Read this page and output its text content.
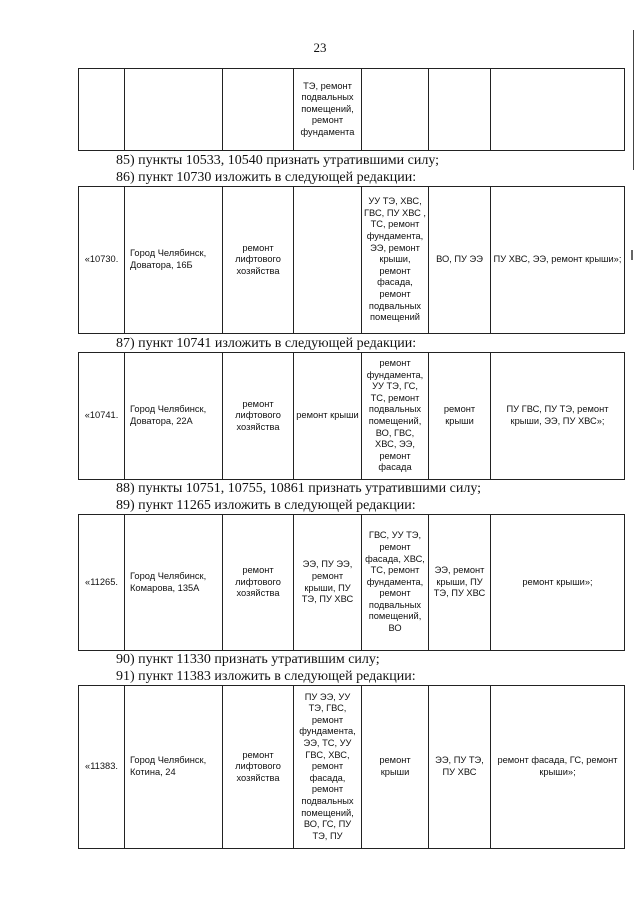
23
			ТЭ, ремонт подвальных помещений, ремонт фундамента			
85) пункты 10533, 10540 признать утратившими силу;
86) пункт 10730 изложить в следующей редакции:
«10730.	Город Челябинск, Доватора, 16Б	ремонт лифтового хозяйства		УУ ТЭ, ХВС, ГВС, ПУ ХВС , ТС, ремонт фундамента, ЭЭ, ремонт крыши, ремонт фасада, ремонт подвальных помещений	ВО, ПУ ЭЭ	ПУ ХВС, ЭЭ, ремонт крыши»;
87) пункт 10741 изложить в следующей редакции:
«10741.	Город Челябинск, Доватора, 22А	ремонт лифтового хозяйства	ремонт крыши	ремонт фундамента, УУ ТЭ, ГС, ТС, ремонт подвальных помещений, ВО, ГВС, ХВС, ЭЭ, ремонт фасада	ремонт крыши	ПУ ГВС, ПУ ТЭ, ремонт крыши, ЭЭ, ПУ ХВС»;
88) пункты 10751, 10755, 10861 признать утратившими силу;
89) пункт 11265 изложить в следующей редакции:
«11265.	Город Челябинск, Комарова, 135А	ремонт лифтового хозяйства	ЭЭ, ПУ ЭЭ, ремонт крыши, ПУ ТЭ, ПУ ХВС	ГВС, УУ ТЭ, ремонт фасада, ХВС, ТС, ремонт фундамента, ремонт подвальных помещений, ВО	ЭЭ, ремонт крыши, ПУ ТЭ, ПУ ХВС	ремонт крыши»;
90) пункт 11330 признать утратившим силу;
91) пункт 11383 изложить в следующей редакции:
«11383.	Город Челябинск, Котина, 24	ремонт лифтового хозяйства	ПУ ЭЭ, УУ ТЭ, ГВС, ремонт фундамента, ЭЭ, ТС, УУ ГВС, ХВС, ремонт фасада, ремонт подвальных помещений, ВО, ГС, ПУ ТЭ, ПУ	ремонт крыши	ЭЭ, ПУ ТЭ, ПУ ХВС	ремонт фасада, ГС, ремонт крыши»;
